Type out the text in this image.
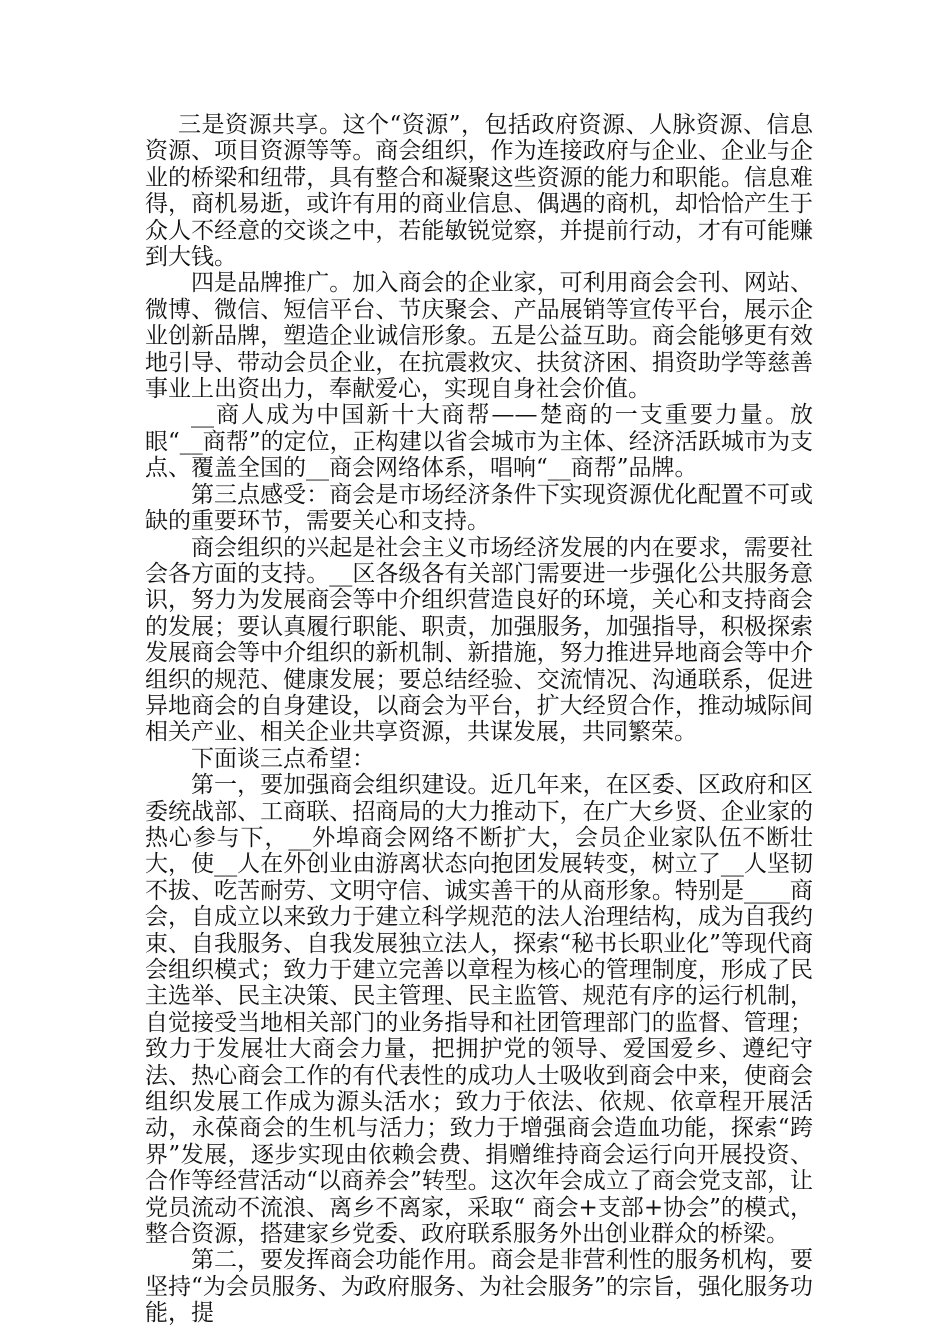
三是资源共享。这个“资源”，包括政府资源、人脉资源、信息资源、项目资源等等。商会组织，作为连接政府与企业、企业与企业的桥梁和纽带，具有整合和凝聚这些资源的能力和职能。信息难得，商机易逝，或许有用的商业信息、偶遇的商机，却恰恰产生于众人不经意的交谈之中，若能敏锐觉察，并提前行动，才有可能赚到大钱。

四是品牌推广。加入商会的企业家，可利用商会会刊、网站、微博、微信、短信平台、节庆聚会、产品展销等宣传平台，展示企业创新品牌，塑造企业诚信形象。五是公益互助。商会能够更有效地引导、带动会员企业，在抗震救灾、扶贫济困、捐资助学等慈善事业上出资出力，奉献爱心，实现自身社会价值。

__商人成为中国新十大商帮——楚商的一支重要力量。放眼“__商帮”的定位，正构建以省会城市为主体、经济活跃城市为支点、覆盖全国的__商会网络体系，唱响“__商帮”品牌。

第三点感受：商会是市场经济条件下实现资源优化配置不可或缺的重要环节，需要关心和支持。

商会组织的兴起是社会主义市场经济发展的内在要求，需要社会各方面的支持。__区各级各有关部门需要进一步强化公共服务意识，努力为发展商会等中介组织营造良好的环境，关心和支持商会的发展；要认真履行职能、职责，加强服务，加强指导，积极探索发展商会等中介组织的新机制、新措施，努力推进异地商会等中介组织的规范、健康发展；要总结经验、交流情况、沟通联系，促进异地商会的自身建设，以商会为平台，扩大经贸合作，推动城际间相关产业、相关企业共享资源，共谋发展，共同繁荣。

下面谈三点希望：

第一，要加强商会组织建设。近几年来，在区委、区政府和区委统战部、工商联、招商局的大力推动下，在广大乡贤、企业家的热心参与下，__外埠商会网络不断扩大，会员企业家队伍不断壮大，使__人在外创业由游离状态向抱团发展转变，树立了__人坚韧不拔、吃苦耐劳、文明守信、诚实善干的从商形象。特别是____商会，自成立以来致力于建立科学规范的法人治理结构，成为自我约束、自我服务、自我发展独立法人，探索“秘书长职业化”等现代商会组织模式；致力于建立完善以章程为核心的管理制度，形成了民主选举、民主决策、民主管理、民主监管、规范有序的运行机制，自觉接受当地相关部门的业务指导和社团管理部门的监督、管理；致力于发展壮大商会力量，把拥护党的领导、爱国爱乡、遵纪守法、热心商会工作的有代表性的成功人士吸收到商会中来，使商会组织发展工作成为源头活水；致力于依法、依规、依章程开展活动，永葆商会的生机与活力；致力于增强商会造血功能，探索“跨界”发展，逐步实现由依赖会费、捐赠维持商会运行向开展投资、合作等经营活动“以商养会”转型。这次年会成立了商会党支部，让党员流动不流浪、离乡不离家，采取“ 商会+支部+协会”的模式，整合资源，搭建家乡党委、政府联系服务外出创业群众的桥梁。

第二，要发挥商会功能作用。商会是非营利性的服务机构，要坚持“为会员服务、为政府服务、为社会服务”的宗旨，强化服务功能，提
